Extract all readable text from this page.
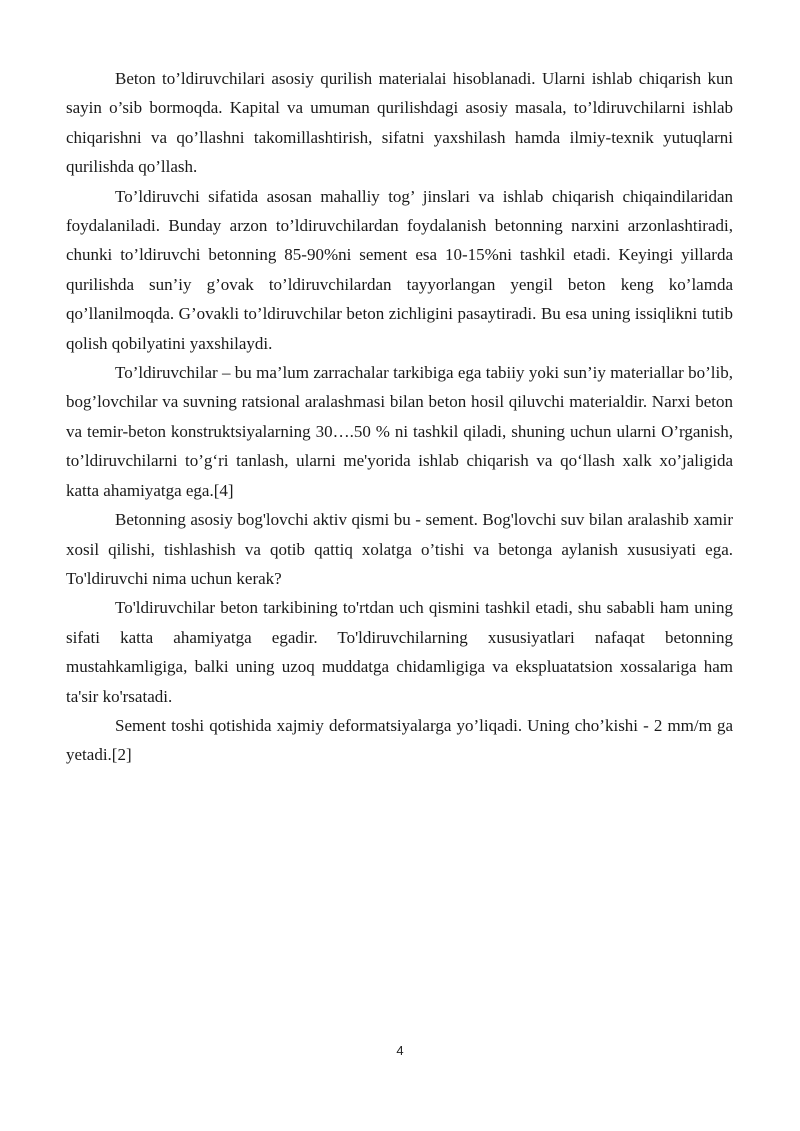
Beton to’ldiruvchilari asosiy qurilish materialai hisoblanadi. Ularni ishlab chiqarish kun sayin o’sib bormoqda. Kapital va umuman qurilishdagi asosiy masala, to’ldiruvchilarni ishlab chiqarishni va qo’llashni takomillashtirish, sifatni yaxshilash hamda ilmiy-texnik yutuqlarni qurilishda qo’llash.

To’ldiruvchi sifatida asosan mahalliy tog’ jinslari va ishlab chiqarish chiqaindilaridan foydalaniladi. Bunday arzon to’ldiruvchilardan foydalanish betonning narxini arzonlashtiradi, chunki to’ldiruvchi betonning 85-90%ni sement esa 10-15%ni tashkil etadi. Keyingi yillarda qurilishda sun’iy g’ovak to’ldiruvchilardan tayyorlangan yengil beton keng ko’lamda qo’llanilmoqda. G’ovakli to’ldiruvchilar beton zichligini pasaytiradi. Bu esa uning issiqlikni tutib qolish qobilyatini yaxshilaydi.

To’ldiruvchilar – bu ma’lum zarrachalar tarkibiga ega tabiiy yoki sun’iy materiallar bo’lib, bog’lovchilar va suvning ratsional aralashmasi bilan beton hosil qiluvchi materialdir. Narxi beton va temir-beton konstruktsiyalarning 30….50 % ni tashkil qiladi, shuning uchun ularni O’rganish, to’ldiruvchilarni to’g‘ri tanlash, ularni me'yorida ishlab chiqarish va qo‘llash xalk xo’jaligida katta ahamiyatga ega.[4]

Betonning asosiy bog'lovchi aktiv qismi bu - sement. Bog'lovchi suv bilan aralashib xamir xosil qilishi, tishlashish va qotib qattiq xolatga o’tishi va betonga aylanish xususiyati ega. To'ldiruvchi nima uchun kerak?

To'ldiruvchilar beton tarkibining to'rtdan uch qismini tashkil etadi, shu sababli ham uning sifati katta ahamiyatga egadir. To'ldiruvchilarning xususiyatlari nafaqat betonning mustahkamligiga, balki uning uzoq muddatga chidamligiga va ekspluatatsion xossalariga ham ta'sir ko'rsatadi.

Sement toshi qotishida xajmiy deformatsiyalarga yo’liqadi. Uning cho’kishi - 2 mm/m ga yetadi.[2]

4
